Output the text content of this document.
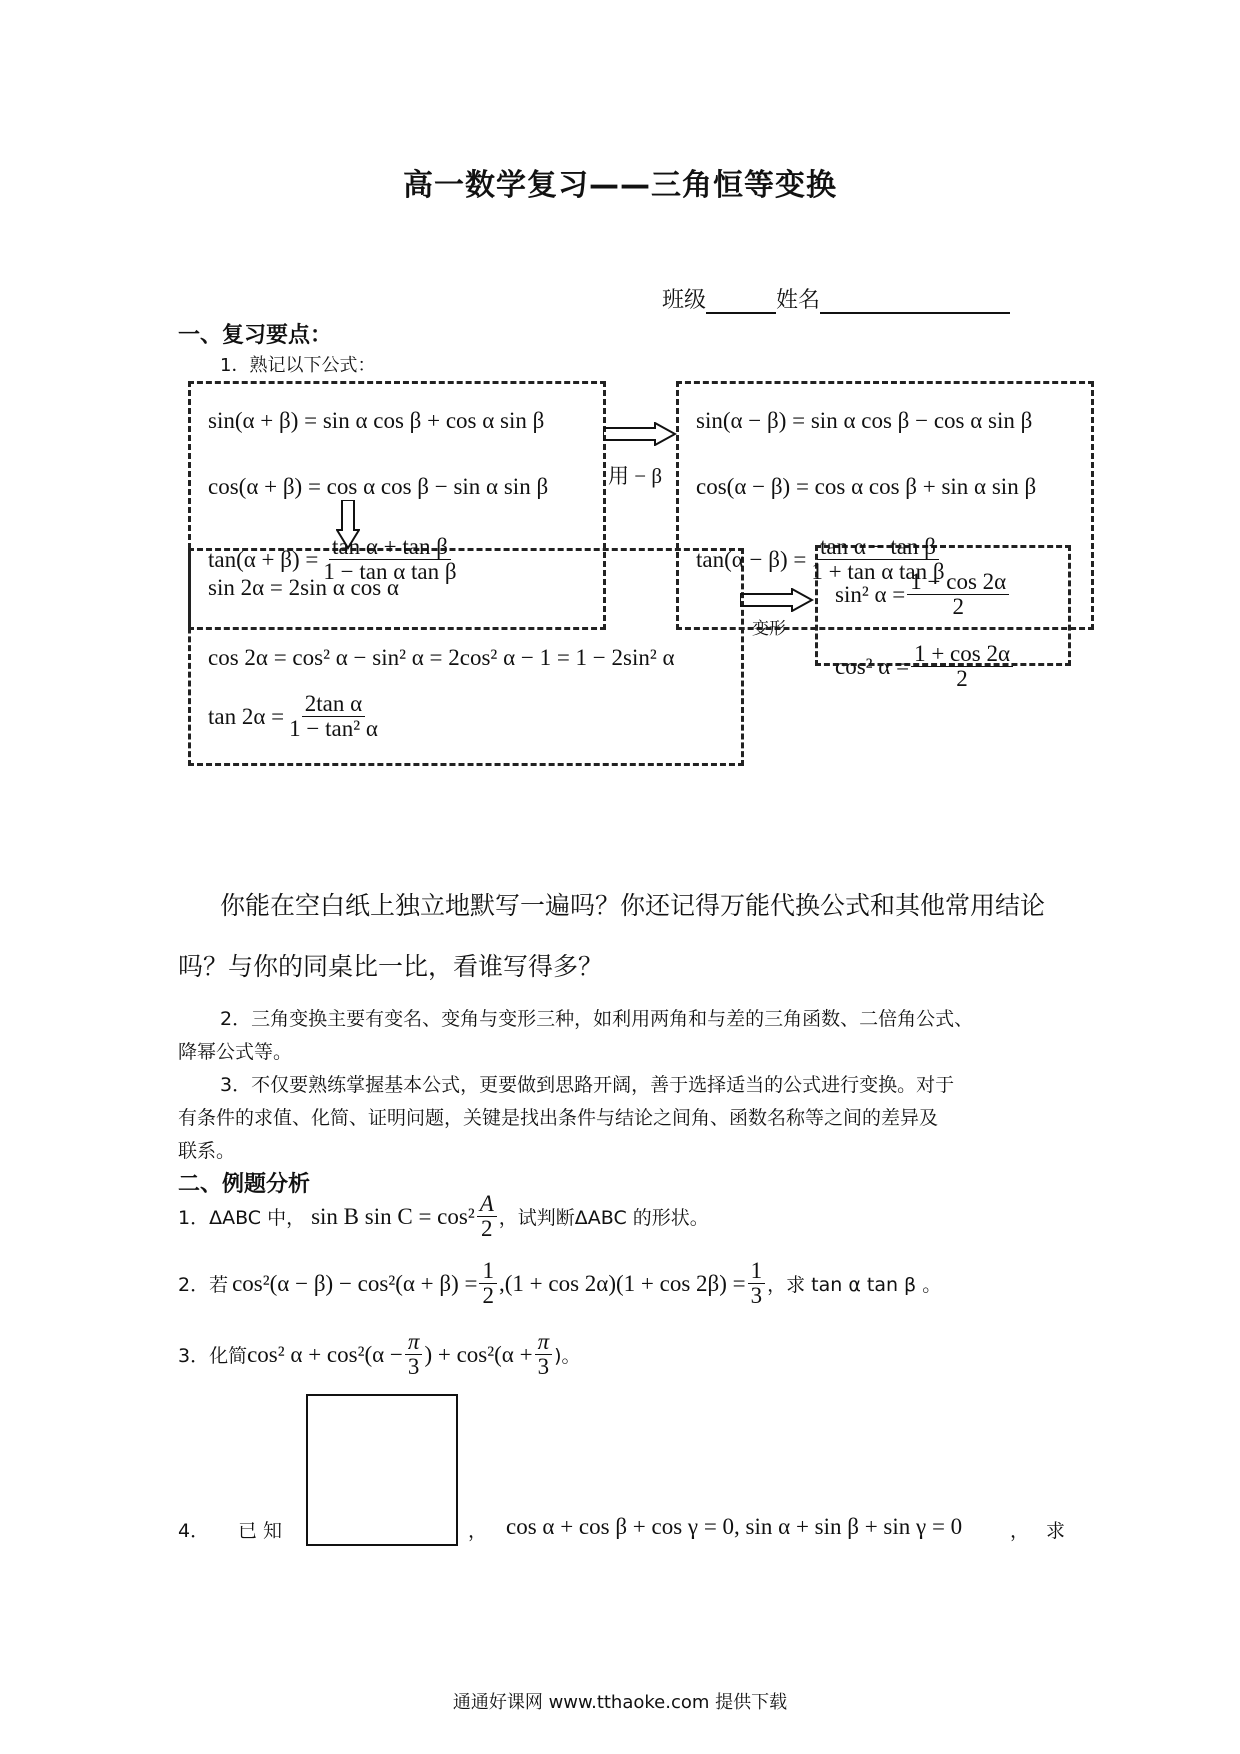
高一数学复习——三角恒等变换
班级	姓名
一、复习要点：
1．熟记以下公式：
用 − β
变形
sin(α + β) = sin α cos β + cos α sin β
cos(α + β) = cos α cos β − sin α sin β
$\tan(\alpha + \beta) = \frac{\text{tan α + tan β}}{\text{1 − tan α tan β}}$
sin(α − β) = sin α cos β − cos α sin β
cos(α − β) = cos α cos β + sin α sin β
$\tan(\alpha - \beta) = \frac{\text{tan α − tan β}}{\text{1 + tan α tan β}}$
sin 2α = 2sin α cos α
cos 2α = cos² α − sin² α = 2cos² α − 1 = 1 − 2sin² α
$\tan 2\alpha = \frac{\text{2tan α}}{\text{1 − tan² α}}$
sin² $\alpha = \frac{1 - \cos 2\alpha}{2}$
cos² $\alpha = \frac{1 + \cos 2\alpha}{2}$
你能在空白纸上独立地默写一遍吗？你还记得万能代换公式和其他常用结论
吗？与你的同桌比一比，看谁写得多？
2．三角变换主要有变名、变角与变形三种，如利用两角和与差的三角函数、二倍角公式、
降幂公式等。
3．不仅要熟练掌握基本公式，更要做到思路开阔，善于选择适当的公式进行变换。对于
有条件的求值、化简、证明问题，关键是找出条件与结论之间角、函数名称等之间的差异及
联系。
二、例题分析
1．ΔABC 中， sin B $\sin C = \cos^2 \frac{A}{2}$ ，试判断ΔABC 的形状。
2．若 $\cos^2(\alpha - \beta) - \cos^2(\alpha + \beta) = \frac{1}{2} ,(1 + \cos 2\alpha)(1 + \cos 2\beta) = \frac{1}{3}$ ，求 tan α tan β 。
3．化简 cos² $\alpha + \cos^2(\alpha - \frac{\pi}{3}$ ) + $\cos^2(\alpha + \frac{\pi}{3}$ )。
4． 已 知	， cos α + cos β + cos γ = 0, sin α + sin β + sin γ = 0	， 求
通通好课网 www.tthaoke.com 提供下载
